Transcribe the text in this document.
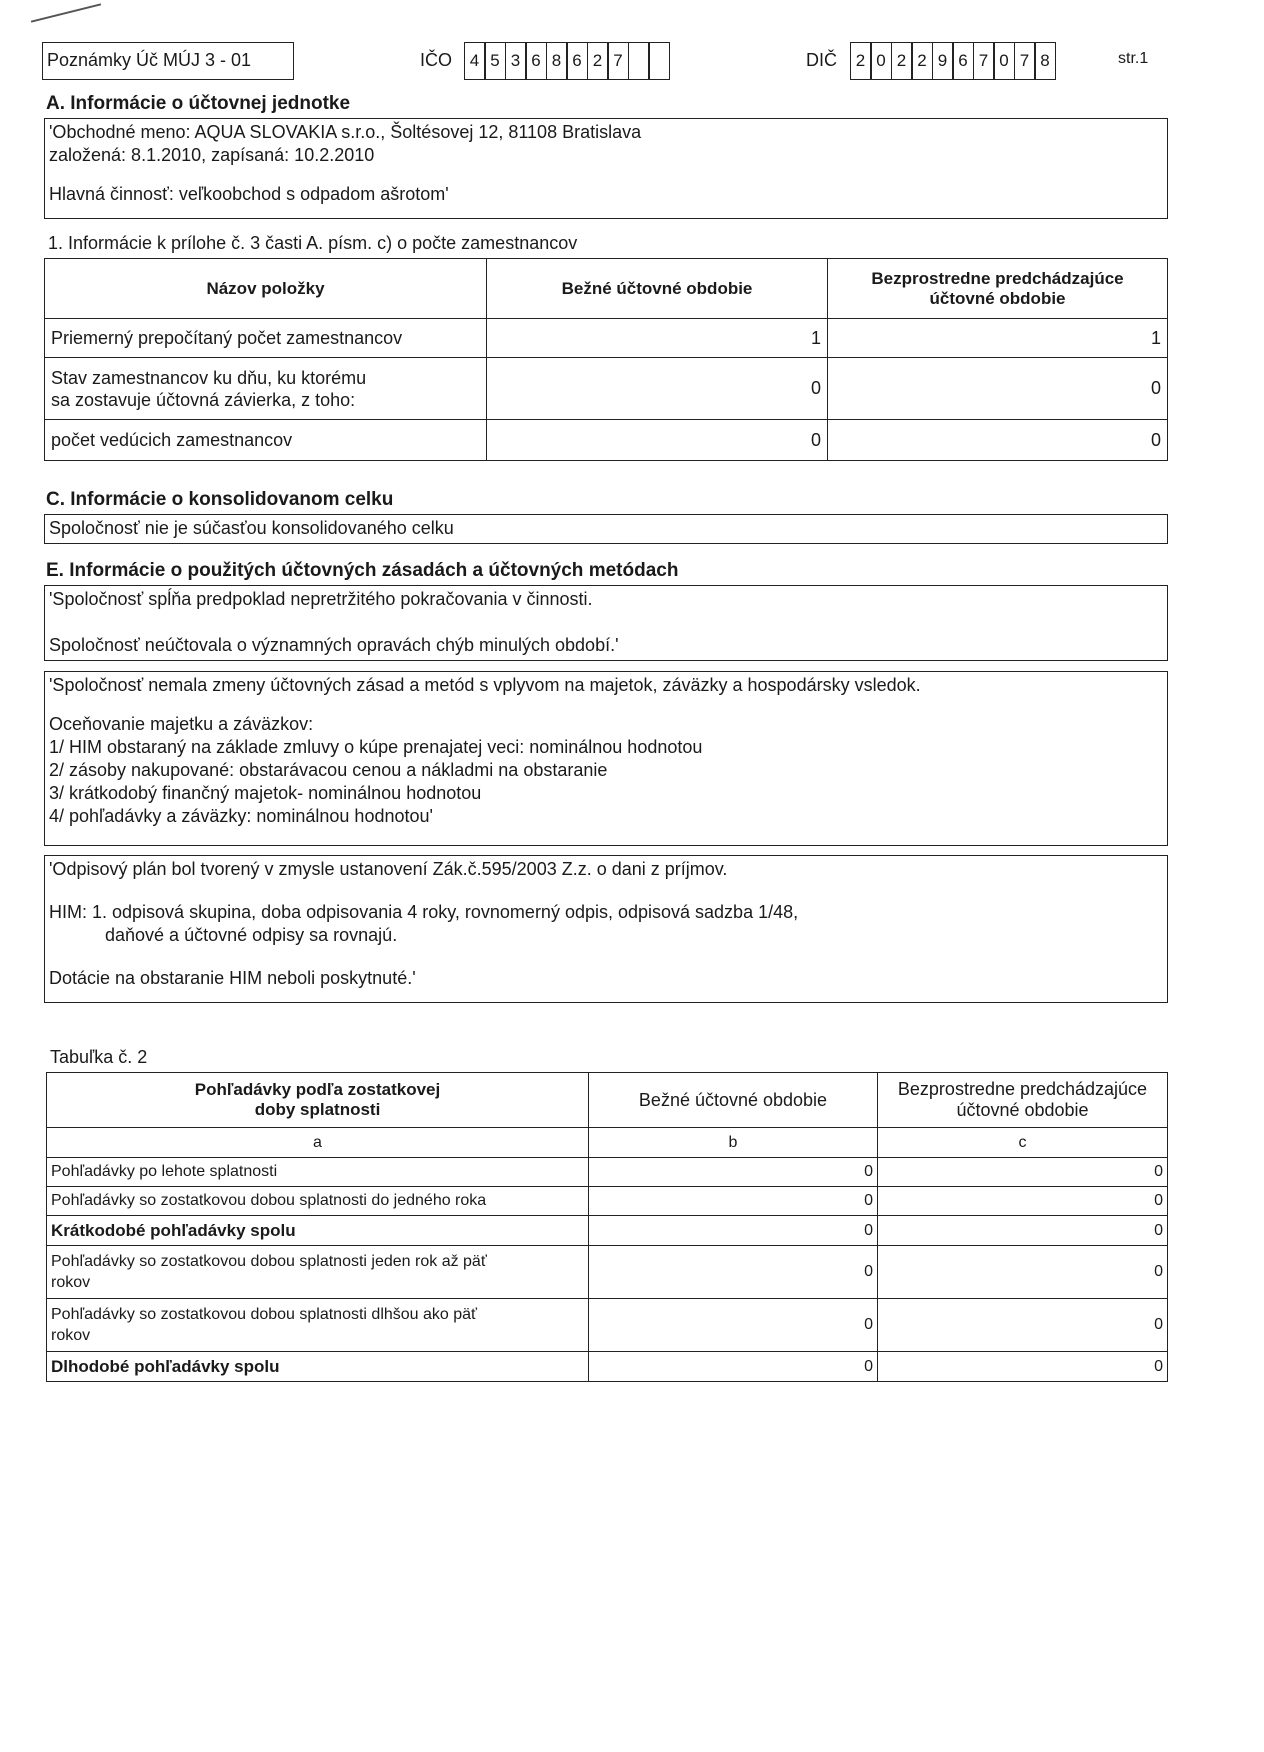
Poznámky Úč MÚJ 3 - 01	IČO	4 5 3 6 8 6 2 7	DIČ	2 0 2 2 9 6 7 0 7 8	str.1
A. Informácie o účtovnej jednotke
'Obchodné meno: AQUA SLOVAKIA s.r.o., Šoltésovej 12, 81108 Bratislava
založená: 8.1.2010, zapísaná: 10.2.2010
Hlavná činnosť: veľkoobchod s odpadom ašrotom'
1. Informácie k prílohe č. 3 časti A. písm. c) o počte zamestnancov
Názov položky	Bežné účtovné obdobie	Bezprostredne predchádzajúce
účtovné obdobie

Priemerný prepočítaný počet zamestnancov	1	1

Stav zamestnancov ku dňu, ku ktorému
sa zostavuje účtovná závierka, z toho:	0	0
počet vedúcich zamestnancov	0	0
C. Informácie o konsolidovanom celku
Spoločnosť nie je súčasťou konsolidovaného celku
E. Informácie o použitých účtovných zásadách a účtovných metódach
'Spoločnosť spĺňa predpoklad nepretržitého pokračovania v činnosti.
Spoločnosť neúčtovala o významných opravách chýb minulých období.'
'Spoločnosť nemala zmeny účtovných zásad a metód s vplyvom na majetok, záväzky a hospodársky vsledok.
Oceňovanie majetku a záväzkov:
1/ HIM obstaraný na základe zmluvy o kúpe prenajatej veci: nominálnou hodnotou
2/ zásoby nakupované: obstarávacou cenou a nákladmi na obstaranie
3/ krátkodobý finančný majetok- nominálnou hodnotou
4/ pohľadávky a záväzky: nominálnou hodnotou'
'Odpisový plán bol tvorený v zmysle ustanovení Zák.č.595/2003 Z.z. o dani z príjmov.
HIM: 1. odpisová skupina, doba odpisovania 4 roky, rovnomerný odpis, odpisová sadzba 1/48,
daňové a účtovné odpisy sa rovnajú.
Dotácie na obstaranie HIM neboli poskytnuté.'
Tabuľka č. 2
Pohľadávky podľa zostatkovej
doby splatnosti	Bežné účtovné obdobie	Bezprostredne predchádzajúce
účtovné obdobie

a	b	c
Pohľadávky po lehote splatnosti	0	0
Pohľadávky so zostatkovou dobou splatnosti do jedného roka	0	0
Krátkodobé pohľadávky spolu	0	0

Pohľadávky so zostatkovou dobou splatnosti jeden rok až päť
rokov	0	0

Pohľadávky so zostatkovou dobou splatnosti dlhšou ako päť
rokov	0	0
Dlhodobé pohľadávky spolu	0	0
